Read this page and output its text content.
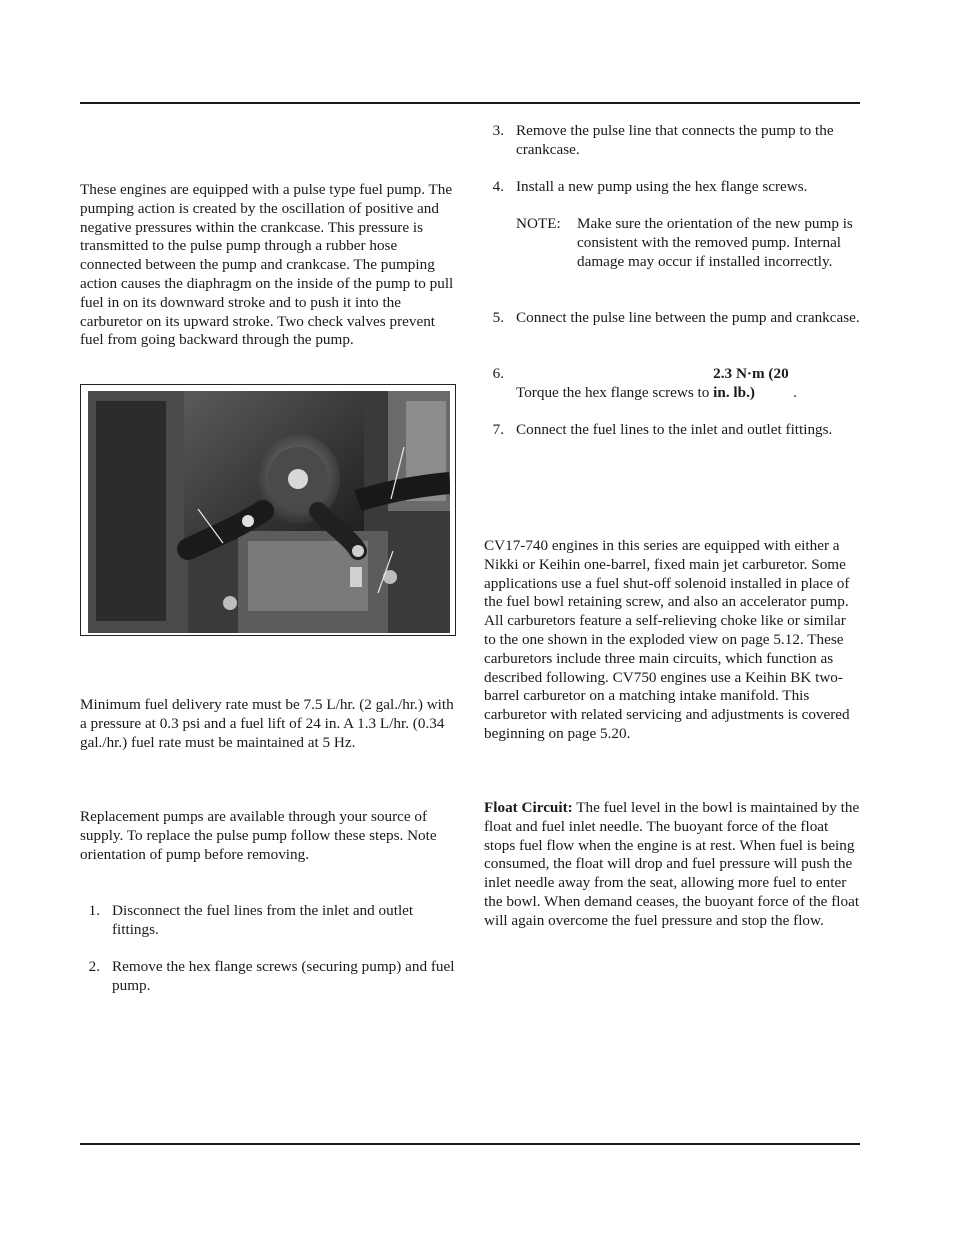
These engines are equipped with a pulse type fuel pump. The pumping action is created by the oscillation of positive and negative pressures within the crankcase. This pressure is transmitted to the pulse pump through a rubber hose connected between the pump and crankcase. The pumping action causes the diaphragm on the inside of the pump to pull fuel in on its downward stroke and to push it into the carburetor on its upward stroke. Two check valves prevent fuel from going backward through the pump.

Minimum fuel delivery rate must be 7.5 L/hr. (2 gal./hr.) with a pressure at 0.3 psi and a fuel lift of 24 in. A 1.3 L/hr. (0.34 gal./hr.) fuel rate must be maintained at 5 Hz.

Replacement pumps are available through your source of supply. To replace the pulse pump follow these steps. Note orientation of pump before removing.

1. Disconnect the fuel lines from the inlet and outlet fittings.
2. Remove the hex flange screws (securing pump) and fuel pump.
3. Remove the pulse line that connects the pump to the crankcase.
4. Install a new pump using the hex flange screws.
NOTE: Make sure the orientation of the new pump is consistent with the removed pump. Internal damage may occur if installed incorrectly.
5. Connect the pulse line between the pump and crankcase.
6.
Torque the hex flange screws to 2.3 N·m (20 in. lb.)	.
7. Connect the fuel lines to the inlet and outlet fittings.

CV17-740 engines in this series are equipped with either a Nikki or Keihin one-barrel, fixed main jet carburetor. Some applications use a fuel shut-off solenoid installed in place of the fuel bowl retaining screw, and also an accelerator pump. All carburetors feature a self-relieving choke like or similar to the one shown in the exploded view on page 5.12. These carburetors include three main circuits, which function as described following. CV750 engines use a Keihin BK two-barrel carburetor on a matching intake manifold. This carburetor with related servicing and adjustments is covered beginning on page 5.20.

Float Circuit: The fuel level in the bowl is maintained by the float and fuel inlet needle. The buoyant force of the float stops fuel flow when the engine is at rest. When fuel is being consumed, the float will drop and fuel pressure will push the inlet needle away from the seat, allowing more fuel to enter the bowl. When demand ceases, the buoyant force of the float will again overcome the fuel pressure and stop the flow.
